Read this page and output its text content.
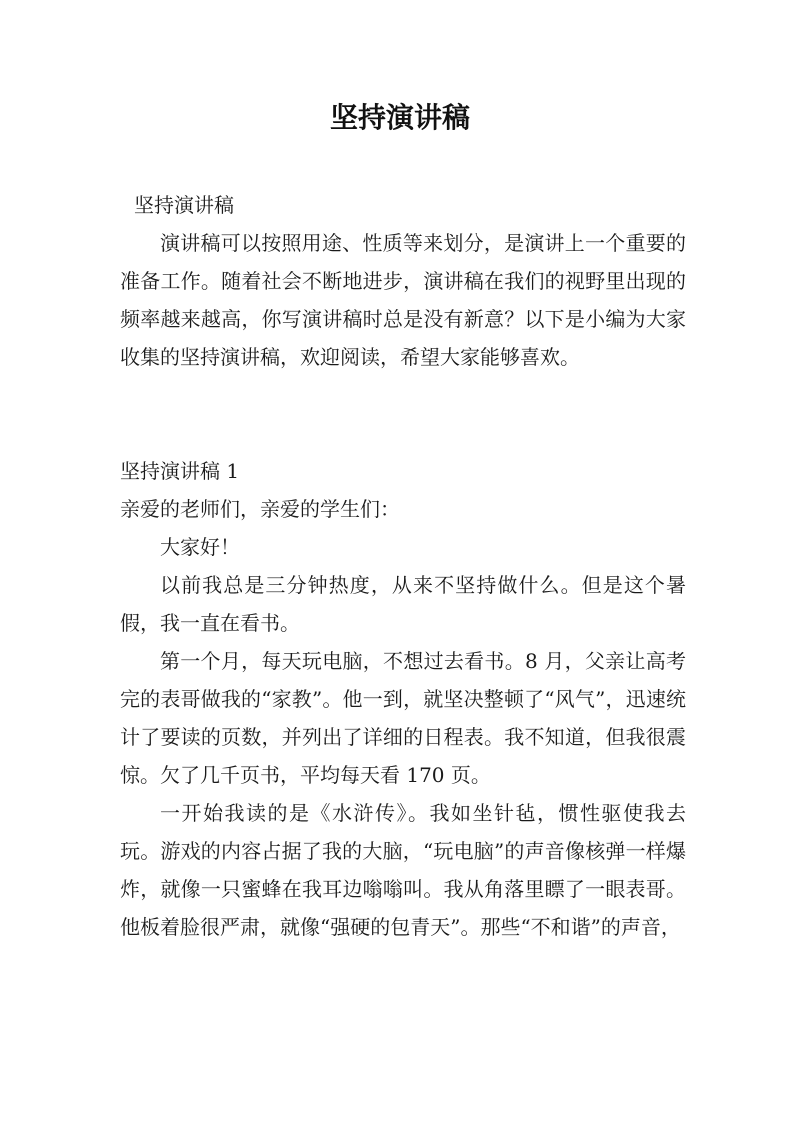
坚持演讲稿

坚持演讲稿

演讲稿可以按照用途、性质等来划分，是演讲上一个重要的准备工作。随着社会不断地进步，演讲稿在我们的视野里出现的频率越来越高，你写演讲稿时总是没有新意？以下是小编为大家收集的坚持演讲稿，欢迎阅读，希望大家能够喜欢。

坚持演讲稿 1

亲爱的老师们，亲爱的学生们：

大家好！

以前我总是三分钟热度，从来不坚持做什么。但是这个暑假，我一直在看书。

第一个月，每天玩电脑，不想过去看书。8 月，父亲让高考完的表哥做我的“家教”。他一到，就坚决整顿了“风气”，迅速统计了要读的页数，并列出了详细的日程表。我不知道，但我很震惊。欠了几千页书，平均每天看 170 页。

一开始我读的是《水浒传》。我如坐针毡，惯性驱使我去玩。游戏的内容占据了我的大脑，“玩电脑”的声音像核弹一样爆炸，就像一只蜜蜂在我耳边嗡嗡叫。我从角落里瞟了一眼表哥。他板着脸很严肃，就像“强硬的包青天”。那些“不和谐”的声音，
